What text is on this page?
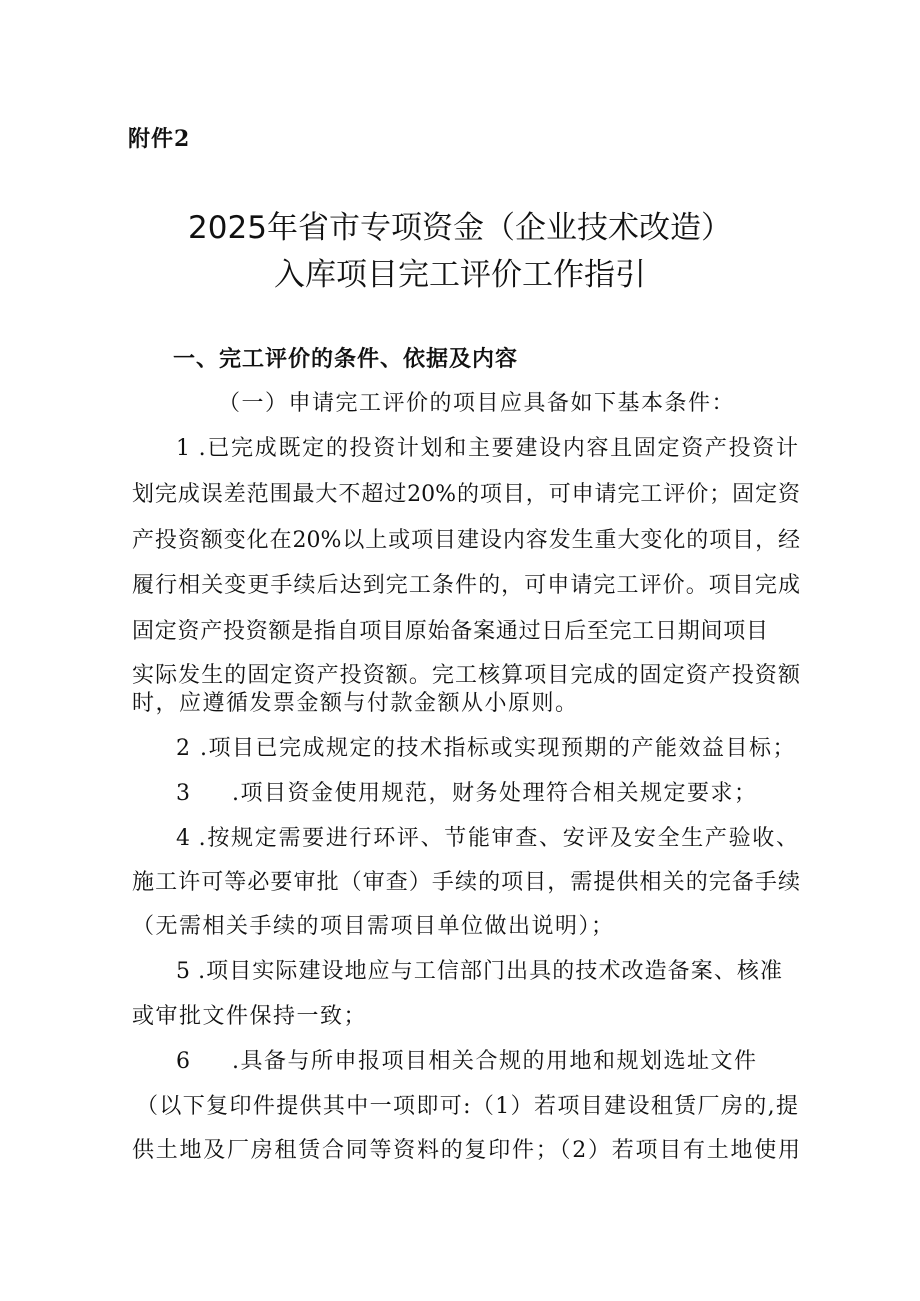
附件2
2025年省市专项资金（企业技术改造）
入库项目完工评价工作指引
一、完工评价的条件、依据及内容
（一）申请完工评价的项目应具备如下基本条件：
1 .已完成既定的投资计划和主要建设内容且固定资产投资计
划完成误差范围最大不超过20%的项目，可申请完工评价；固定资
产投资额变化在20%以上或项目建设内容发生重大变化的项目，经
履行相关变更手续后达到完工条件的，可申请完工评价。项目完成
固定资产投资额是指自项目原始备案通过日后至完工日期间项目
实际发生的固定资产投资额。完工核算项目完成的固定资产投资额
时，应遵循发票金额与付款金额从小原则。
2 .项目已完成规定的技术指标或实现预期的产能效益目标；
3 .项目资金使用规范，财务处理符合相关规定要求；
4 .按规定需要进行环评、节能审查、安评及安全生产验收、
施工许可等必要审批（审查）手续的项目，需提供相关的完备手续
（无需相关手续的项目需项目单位做出说明）；
5 .项目实际建设地应与工信部门出具的技术改造备案、核准
或审批文件保持一致；
6 .具备与所申报项目相关合规的用地和规划选址文件
（以下复印件提供其中一项即可:（1）若项目建设租赁厂房的,提
供土地及厂房租赁合同等资料的复印件；（2）若项目有土地使用
